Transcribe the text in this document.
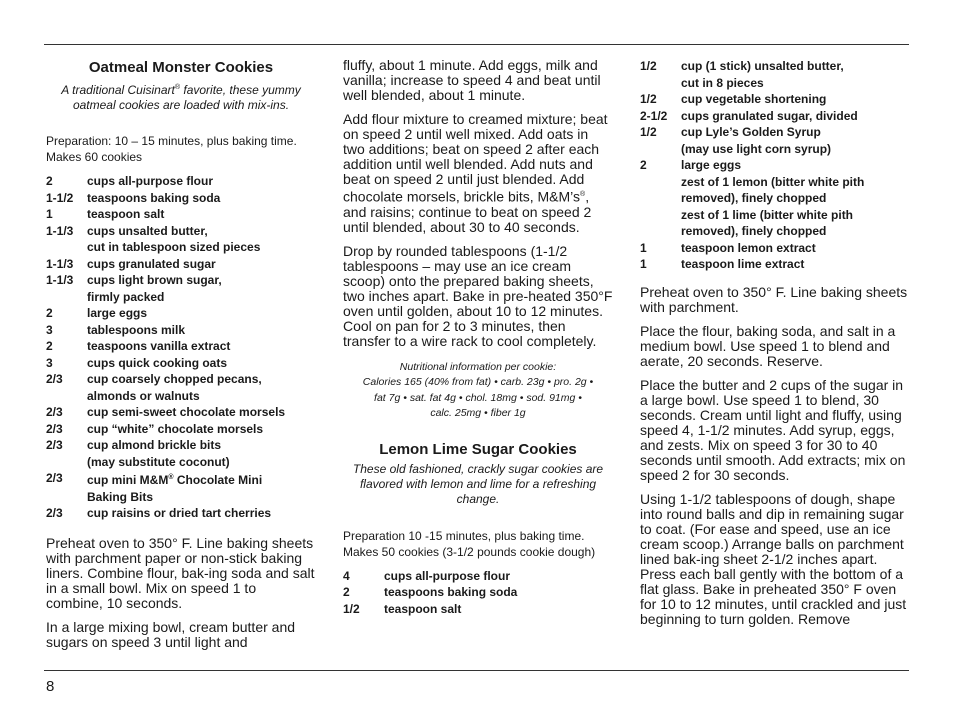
Oatmeal Monster Cookies

A traditional Cuisinart® favorite, these yummy oatmeal cookies are loaded with mix-ins.

Preparation: 10 – 15 minutes, plus baking time.

Makes 60 cookies

2	cups all-purpose flour
1-1/2	teaspoons baking soda
1	teaspoon salt
1-1/3	cups unsalted butter,
cut in tablespoon sized pieces
1-1/3	cups granulated sugar
1-1/3	cups light brown sugar,
firmly packed
2	large eggs
3	tablespoons milk
2	teaspoons vanilla extract
3	cups quick cooking oats
2/3	cup coarsely chopped pecans,
almonds or walnuts
2/3	cup semi-sweet chocolate morsels
2/3	cup “white” chocolate morsels
2/3	cup almond brickle bits
(may substitute coconut)
2/3	cup mini M&M® Chocolate Mini
Baking Bits
2/3	cup raisins or dried tart cherries

Preheat oven to 350° F. Line baking sheets with parchment paper or non-stick baking liners. Combine flour, bak-ing soda and salt in a small bowl. Mix on speed 1 to combine, 10 seconds.

In a large mixing bowl, cream butter and sugars on speed 3 until light and

fluffy, about 1 minute. Add eggs, milk and vanilla; increase to speed 4 and beat until well blended, about 1 minute.

Add flour mixture to creamed mixture; beat on speed 2 until well mixed. Add oats in two additions; beat on speed 2 after each addition until well blended. Add nuts and beat on speed 2 until just blended. Add chocolate morsels, brickle bits, M&M’s®, and raisins; continue to beat on speed 2 until blended, about 30 to 40 seconds.

Drop by rounded tablespoons (1-1/2 tablespoons – may use an ice cream scoop) onto the prepared baking sheets, two inches apart. Bake in pre-heated 350°F oven until golden, about 10 to 12 minutes. Cool on pan for 2 to 3 minutes, then transfer to a wire rack to cool completely.

Nutritional information per cookie:

Calories 165 (40% from fat) • carb. 23g • pro. 2g •

fat 7g • sat. fat 4g • chol. 18mg • sod. 91mg •

calc. 25mg • fiber 1g

Lemon Lime Sugar Cookies

These old fashioned, crackly sugar cookies are flavored with lemon and lime for a refreshing change.

Preparation 10 -15 minutes, plus baking time.

Makes 50 cookies (3-1/2 pounds cookie dough)

4	cups all-purpose flour
2	teaspoons baking soda
1/2	teaspoon salt
1/2	cup (1 stick) unsalted butter,
cut in 8 pieces
1/2	cup vegetable shortening
2-1/2	cups granulated sugar, divided
1/2	cup Lyle’s Golden Syrup
(may use light corn syrup)
2	large eggs
zest of 1 lemon (bitter white pith
removed), finely chopped
zest of 1 lime (bitter white pith
removed), finely chopped
1	teaspoon lemon extract
1	teaspoon lime extract

Preheat oven to 350° F. Line baking sheets with parchment.

Place the flour, baking soda, and salt in a medium bowl. Use speed 1 to blend and aerate, 20 seconds. Reserve.

Place the butter and 2 cups of the sugar in a large bowl. Use speed 1 to blend, 30 seconds. Cream until light and fluffy, using speed 4, 1-1/2 minutes. Add syrup, eggs, and zests. Mix on speed 3 for 30 to 40 seconds until smooth. Add extracts; mix on speed 2 for 30 seconds.

Using 1-1/2 tablespoons of dough, shape into round balls and dip in remaining sugar to coat. (For ease and speed, use an ice cream scoop.) Arrange balls on parchment lined bak-ing sheet 2-1/2 inches apart. Press each ball gently with the bottom of a flat glass. Bake in preheated 350° F oven for 10 to 12 minutes, until crackled and just beginning to turn golden. Remove

8
